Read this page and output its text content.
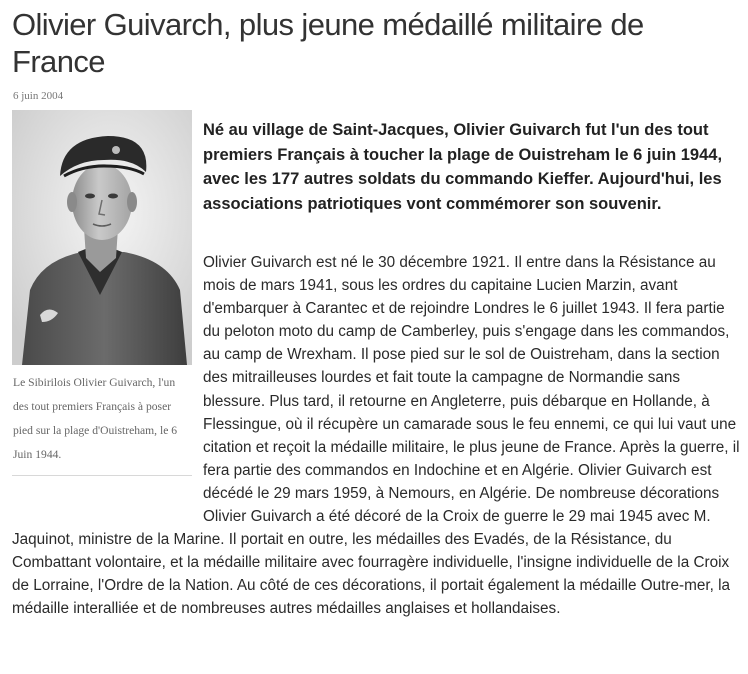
Olivier Guivarch, plus jeune médaillé militaire de France
6 juin 2004
Le Sibirilois Olivier Guivarch, l'un des tout premiers Français à poser pied sur la plage d'Ouistreham, le 6 Juin 1944.

Né au village de Saint-Jacques, Olivier Guivarch fut l'un des tout premiers Français à toucher la plage de Ouistreham le 6 juin 1944, avec les 177 autres soldats du commando Kieffer. Aujourd'hui, les associations patriotiques vont commémorer son souvenir.

Olivier Guivarch est né le 30 décembre 1921. Il entre dans la Résistance au mois de mars 1941, sous les ordres du capitaine Lucien Marzin, avant d'embarquer à Carantec et de rejoindre Londres le 6 juillet 1943. Il fera partie du peloton moto du camp de Camberley, puis s'engage dans les commandos, au camp de Wrexham. Il pose pied sur le sol de Ouistreham, dans la section des mitrailleuses lourdes et fait toute la campagne de Normandie sans blessure. Plus tard, il retourne en Angleterre, puis débarque en Hollande, à Flessingue, où il récupère un camarade sous le feu ennemi, ce qui lui vaut une citation et reçoit la médaille militaire, le plus jeune de France. Après la guerre, il fera partie des commandos en Indochine et en Algérie. Olivier Guivarch est décédé le 29 mars 1959, à Nemours, en Algérie. De nombreuse décorations Olivier Guivarch a été décoré de la Croix de guerre le 29 mai 1945 avec M. Jaquinot, ministre de la Marine. Il portait en outre, les médailles des Evadés, de la Résistance, du Combattant volontaire, et la médaille militaire avec fourragère individuelle, l'insigne individuelle de la Croix de Lorraine, l'Ordre de la Nation. Au côté de ces décorations, il portait également la médaille Outre-mer, la médaille interalliée et de nombreuses autres médailles anglaises et hollandaises.
